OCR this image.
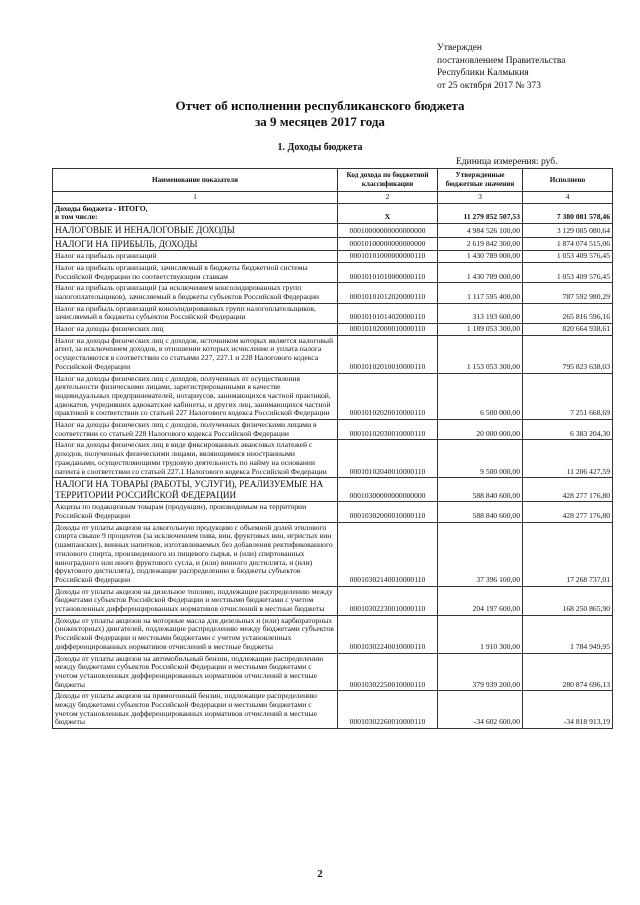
Утвержден
постановлением Правительства
Республики Калмыкия
от 25 октября 2017 № 373
Отчет об исполнении республиканского бюджета
за 9 месяцев 2017 года
1. Доходы бюджета
Единица измерения: руб.
Наименование показателя	Код дохода по бюджетной классификации	Утвержденные бюджетные значения	Исполнено
1	2	3	4
Доходы бюджета - ИТОГО,
в том числе:	X	11 279 852 507,53	7 380 081 578,46
НАЛОГОВЫЕ И НЕНАЛОГОВЫЕ ДОХОДЫ	00010000000000000000	4 984 526 100,00	3 129 085 080,64
НАЛОГИ НА ПРИБЫЛЬ, ДОХОДЫ	00010100000000000000	2 619 842 300,00	1 874 074 515,06
Налог на прибыль организаций	00010101000000000110	1 430 789 000,00	1 053 409 576,45
Налог на прибыль организаций, зачисляемый в бюджеты бюджетной системы Российской Федерации по соответствующим ставкам	00010101010000000110	1 430 789 000,00	1 053 409 576,45
Налог на прибыль организаций (за исключением консолидированных групп налогоплательщиков), зачисляемый в бюджеты субъектов Российской Федерации	00010101012020000110	1 117 595 400,00	787 592 980,29
Налог на прибыль организаций консолидированных групп налогоплательщиков, зачисляемый в бюджеты субъектов Российской Федерации	00010101014020000110	313 193 600,00	265 816 596,16
Налог на доходы физических лиц	00010102000010000110	1 189 053 300,00	820 664 938,61
Налог на доходы физических лиц с доходов, источником которых является налоговый агент, за исключением доходов, в отношении которых исчисление и уплата налога осуществляются в соответствии со статьями 227, 227.1 и 228 Налогового кодекса Российской Федерации	00010102010010000110	1 153 053 300,00	795 823 638,03
Налог на доходы физических лиц с доходов, полученных от осуществления деятельности физическими лицами, зарегистрированными в качестве индивидуальных предпринимателей, нотариусов, занимающихся частной практикой, адвокатов, учредивших адвокатские кабинеты, и других лиц, занимающихся частной практикой в соответствии со статьей 227 Налогового кодекса Российской Федерации	00010102020010000110	6 500 000,00	7 251 668,69
Налог на доходы физических лиц с доходов, полученных физическими лицами в соответствии со статьей 228 Налогового кодекса Российской Федерации	00010102030010000110	20 000 000,00	6 383 204,30
Налог на доходы физических лиц в виде фиксированных авансовых платежей с доходов, полученных физическими лицами, являющимися иностранными гражданами, осуществляющими трудовую деятельность по найму на основании патента в соответствии со статьей 227.1 Налогового кодекса Российской Федерации	00010102040010000110	9 500 000,00	11 206 427,59
НАЛОГИ НА ТОВАРЫ (РАБОТЫ, УСЛУГИ), РЕАЛИЗУЕМЫЕ НА ТЕРРИТОРИИ РОССИЙСКОЙ ФЕДЕРАЦИИ	00010300000000000000	588 840 600,00	428 277 176,80
Акцизы по подакцизным товарам (продукции), производимым на территории Российской Федерации	00010302000010000110	588 840 600,00	428 277 176,80
Доходы от уплаты акцизов на алкогольную продукцию с объемной долей этилового спирта свыше 9 процентов (за исключением пива, вин, фруктовых вин, игристых вин (шампанских), винных напитков, изготавливаемых без добавления ректификованного этилового спирта, произведенного из пищевого сырья, и (или) спиртованных виноградного или иного фруктового сусла, и (или) винного дистиллята, и (или) фруктового дистиллята), подлежащие распределению в бюджеты субъектов Российской Федерации	00010302140010000110	37 396 100,00	17 268 737,01
Доходы от уплаты акцизов на дизельное топливо, подлежащие распределению между бюджетами субъектов Российской Федерации и местными бюджетами с учетом установленных дифференцированных нормативов отчислений в местные бюджеты	00010302230010000110	204 197 600,00	168 250 865,90
Доходы от уплаты акцизов на моторные масла для дизельных и (или) карбюраторных (инжекторных) двигателей, подлежащие распределению между бюджетами субъектов Российской Федерации и местными бюджетами с учетом установленных дифференцированных нормативов отчислений в местные бюджеты	00010302240010000110	1 910 300,00	1 784 949,95
Доходы от уплаты акцизов на автомобильный бензин, подлежащие распределению между бюджетами субъектов Российской Федерации и местными бюджетами с учетом установленных дифференцированных нормативов отчислений в местные бюджеты	00010302250010000110	379 939 200,00	280 874 696,13
Доходы от уплаты акцизов на прямогонный бензин, подлежащие распределению между бюджетами субъектов Российской Федерации и местными бюджетами с учетом установленных дифференцированных нормативов отчислений в местные бюджеты	00010302260010000110	-34 602 600,00	-34 818 913,19
2
